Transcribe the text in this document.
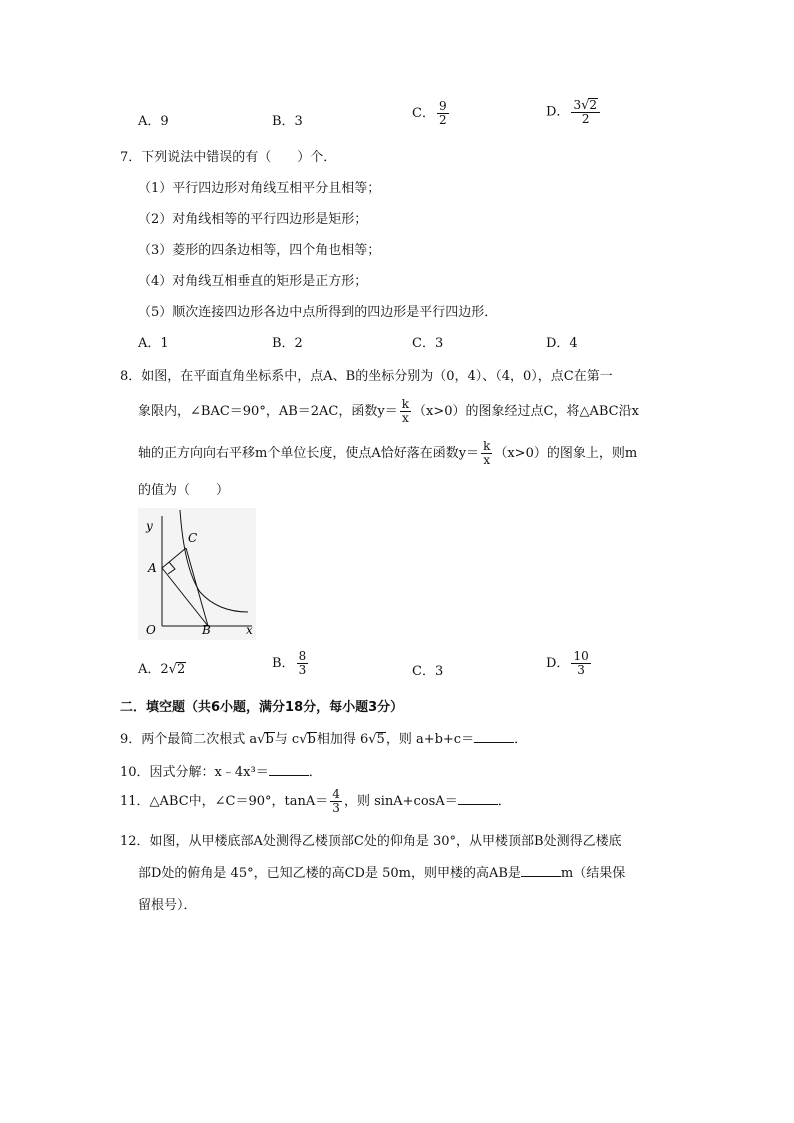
A．9	B．3
C． $\frac{9}{2}$	D． $\frac{3√2}{2}$
7．下列说法中错误的有（　　）个．
（1）平行四边形对角线互相平分且相等；
（2）对角线相等的平行四边形是矩形；
（3）菱形的四条边相等，四个角也相等；
（4）对角线互相垂直的矩形是正方形；
（5）顺次连接四边形各边中点所得到的四边形是平行四边形．
A．1	B．2	C．3	D．4
8．如图，在平面直角坐标系中，点A、B的坐标分别为（0，4）、（4，0），点C在第一
象限内，∠BAC＝90°，AB＝2AC，函数$y= \frac{k}{x} (x>0)$的图象经过点C，将△ABC沿x
轴的正方向向右平移m个单位长度，使点A恰好落在函数$y= \frac{k}{x} (x>0)$的图象上，则m
的值为（　　）
y
x
A
B
C
O
A．2√2	B． $\frac{8}{3}$	C．3
D． $\frac{10}{3}$
二．填空题（共6小题，满分18分，每小题3分）
9．两个最简二次根式 a√b与 c√b相加得 6√5，则 a+b+c＝	．
10．因式分解：x﹣4x³＝	．
11．△ABC中，∠C＝90°，$\tan A= \frac{4}{3}$ ，则 sinA+cosA＝	．
12．如图，从甲楼底部A处测得乙楼顶部C处的仰角是 30°，从甲楼顶部B处测得乙楼底
部D处的俯角是 45°，已知乙楼的高CD是 50m，则甲楼的高AB是	m（结果保
留根号）．
